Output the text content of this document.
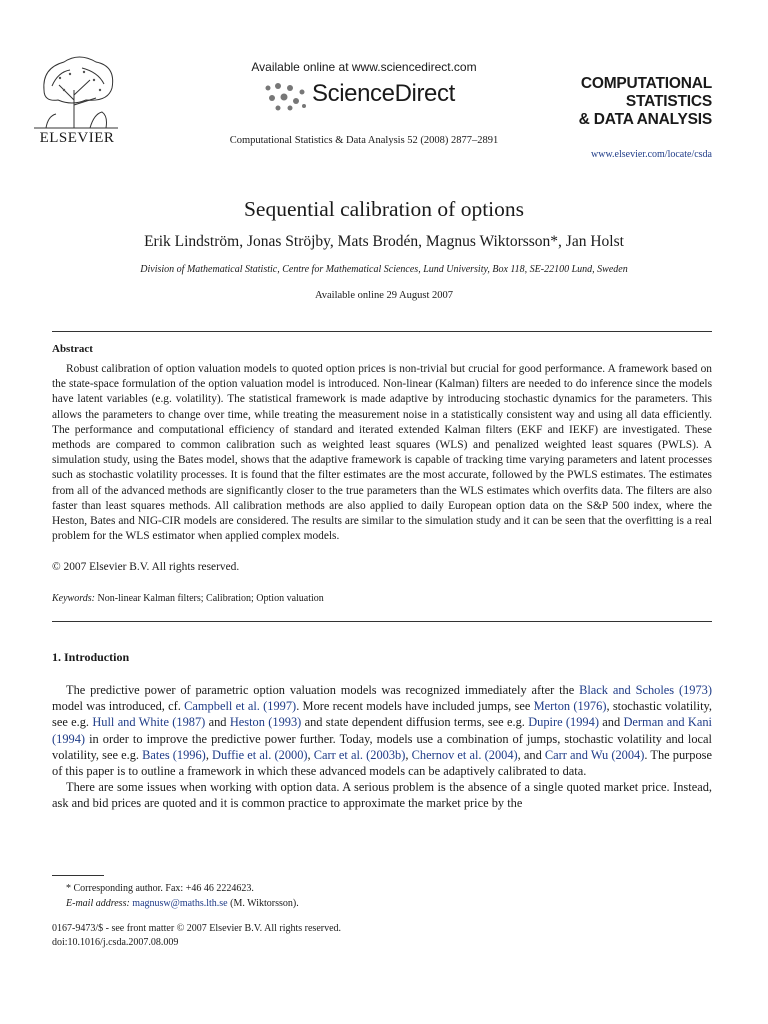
ELSEVIER
Available online at www.sciencedirect.com
ScienceDirect
Computational Statistics & Data Analysis 52 (2008) 2877–2891
COMPUTATIONAL
STATISTICS
& DATA ANALYSIS
www.elsevier.com/locate/csda
Sequential calibration of options
Erik Lindström, Jonas Ströjby, Mats Brodén, Magnus Wiktorsson*, Jan Holst
Division of Mathematical Statistic, Centre for Mathematical Sciences, Lund University, Box 118, SE-22100 Lund, Sweden
Available online 29 August 2007
Abstract

Robust calibration of option valuation models to quoted option prices is non-trivial but crucial for good performance. A framework based on the state-space formulation of the option valuation model is introduced. Non-linear (Kalman) filters are needed to do inference since the models have latent variables (e.g. volatility). The statistical framework is made adaptive by introducing stochastic dynamics for the parameters. This allows the parameters to change over time, while treating the measurement noise in a statistically consistent way and using all data efficiently. The performance and computational efficiency of standard and iterated extended Kalman filters (EKF and IEKF) are investigated. These methods are compared to common calibration such as weighted least squares (WLS) and penalized weighted least squares (PWLS). A simulation study, using the Bates model, shows that the adaptive framework is capable of tracking time varying parameters and latent processes such as stochastic volatility processes. It is found that the filter estimates are the most accurate, followed by the PWLS estimates. The estimates from all of the advanced methods are significantly closer to the true parameters than the WLS estimates which overfits data. The filters are also faster than least squares methods. All calibration methods are also applied to daily European option data on the S&P 500 index, where the Heston, Bates and NIG-CIR models are considered. The results are similar to the simulation study and it can be seen that the overfitting is a real problem for the WLS estimator when applied complex models.

© 2007 Elsevier B.V. All rights reserved.
Keywords: Non-linear Kalman filters; Calibration; Option valuation
1. Introduction

The predictive power of parametric option valuation models was recognized immediately after the Black and Scholes (1973) model was introduced, cf. Campbell et al. (1997). More recent models have included jumps, see Merton (1976), stochastic volatility, see e.g. Hull and White (1987) and Heston (1993) and state dependent diffusion terms, see e.g. Dupire (1994) and Derman and Kani (1994) in order to improve the predictive power further. Today, models use a combination of jumps, stochastic volatility and local volatility, see e.g. Bates (1996), Duffie et al. (2000), Carr et al. (2003b), Chernov et al. (2004), and Carr and Wu (2004). The purpose of this paper is to outline a framework in which these advanced models can be adaptively calibrated to data.

There are some issues when working with option data. A serious problem is the absence of a single quoted market price. Instead, ask and bid prices are quoted and it is common practice to approximate the market price by the

* Corresponding author. Fax: +46 46 2224623.
E-mail address: magnusw@maths.lth.se (M. Wiktorsson).
0167-9473/$ - see front matter © 2007 Elsevier B.V. All rights reserved.
doi:10.1016/j.csda.2007.08.009
